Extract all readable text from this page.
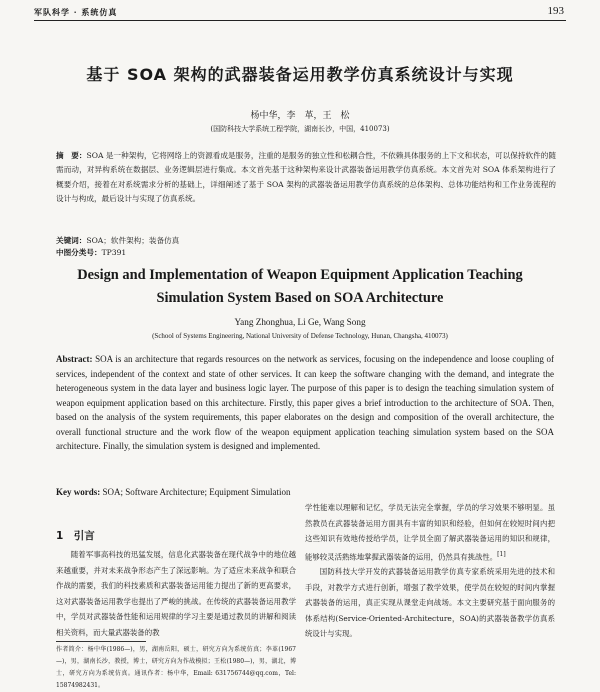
军队科学 · 系统仿真	193
基于 SOA 架构的武器装备运用教学仿真系统设计与实现
杨中华，李　革，王　松
(国防科技大学系统工程学院，湖南长沙，中国，410073)
摘　要：SOA 是一种架构，它将网络上的资源看成是服务，注重的是服务的独立性和松耦合性，不依赖具体服务的上下文和状态，可以保持软件的随需而动，对异构系统在数据层、业务逻辑层进行集成。本文首先基于这种架构来设计武器装备运用教学仿真系统。本文首先对 SOA 体系架构进行了概要介绍，接着在对系统需求分析的基础上，详细阐述了基于 SOA 架构的武器装备运用教学仿真系统的总体架构、总体功能结构和工作业务流程的设计与构成，最后设计与实现了仿真系统。
关键词：SOA；软件架构；装备仿真
中图分类号：TP391
Design and Implementation of Weapon Equipment Application Teaching
Simulation System Based on SOA Architecture
Yang Zhonghua, Li Ge, Wang Song
(School of Systems Engineering, National University of Defense Technology, Hunan, Changsha, 410073)
Abstract: SOA is an architecture that regards resources on the network as services, focusing on the independence and loose coupling of services, independent of the context and state of other services. It can keep the software changing with the demand, and integrate the heterogeneous system in the data layer and business logic layer. The purpose of this paper is to design the teaching simulation system of weapon equipment application based on this architecture. Firstly, this paper gives a brief introduction to the architecture of SOA. Then, based on the analysis of the system requirements, this paper elaborates on the design and composition of the overall architecture, the overall functional structure and the work flow of the weapon equipment application teaching simulation system based on the SOA architecture. Finally, the simulation system is designed and implemented.
Key words: SOA; Software Architecture; Equipment Simulation
1　引言

随着军事高科技的迅猛发展，信息化武器装备在现代战争中的地位越来越重要，并对未来战争形态产生了深远影响。为了适应未来战争和联合作战的需要，我们的科技素质和武器装备运用能力提出了新的更高要求，这对武器装备运用教学也提出了严峻的挑战。在传统的武器装备运用教学中，学员对武器装备性能和运用规律的学习主要是通过教员的讲解和阅读相关资料，而大量武器装备的教

学性能难以理解和记忆，学员无法完全掌握，学员的学习效果不够明显。虽然教员在武器装备运用方面具有丰富的知识和经验，但如何在较短时间内把这些知识有效地传授给学员，让学员全面了解武器装备运用的知识和规律，能够较灵活熟练地掌握武器装备的运用，仍然具有挑战性。[1]

国防科技大学开发的武器装备运用教学仿真专家系统采用先进的技术和手段，对教学方式进行创新，增强了教学效果，使学员在较短的时间内掌握武器装备的运用，真正实现从课堂走向战场。本文主要研究基于面向服务的体系结构(Service-Oriented-Architecture，SOA)的武器装备教学仿真系统设计与实现。

作者简介：杨中华(1986—)，男，湖南岳阳，硕士，研究方向为系统仿真；李革(1967—)，男，湖南长沙，教授，博士，研究方向为作战模拟；王松(1980—)，男，湖北，博士，研究方向为系统仿真。通讯作者：杨中华，Email: 631756744@qq.com，Tel: 15874982431。
